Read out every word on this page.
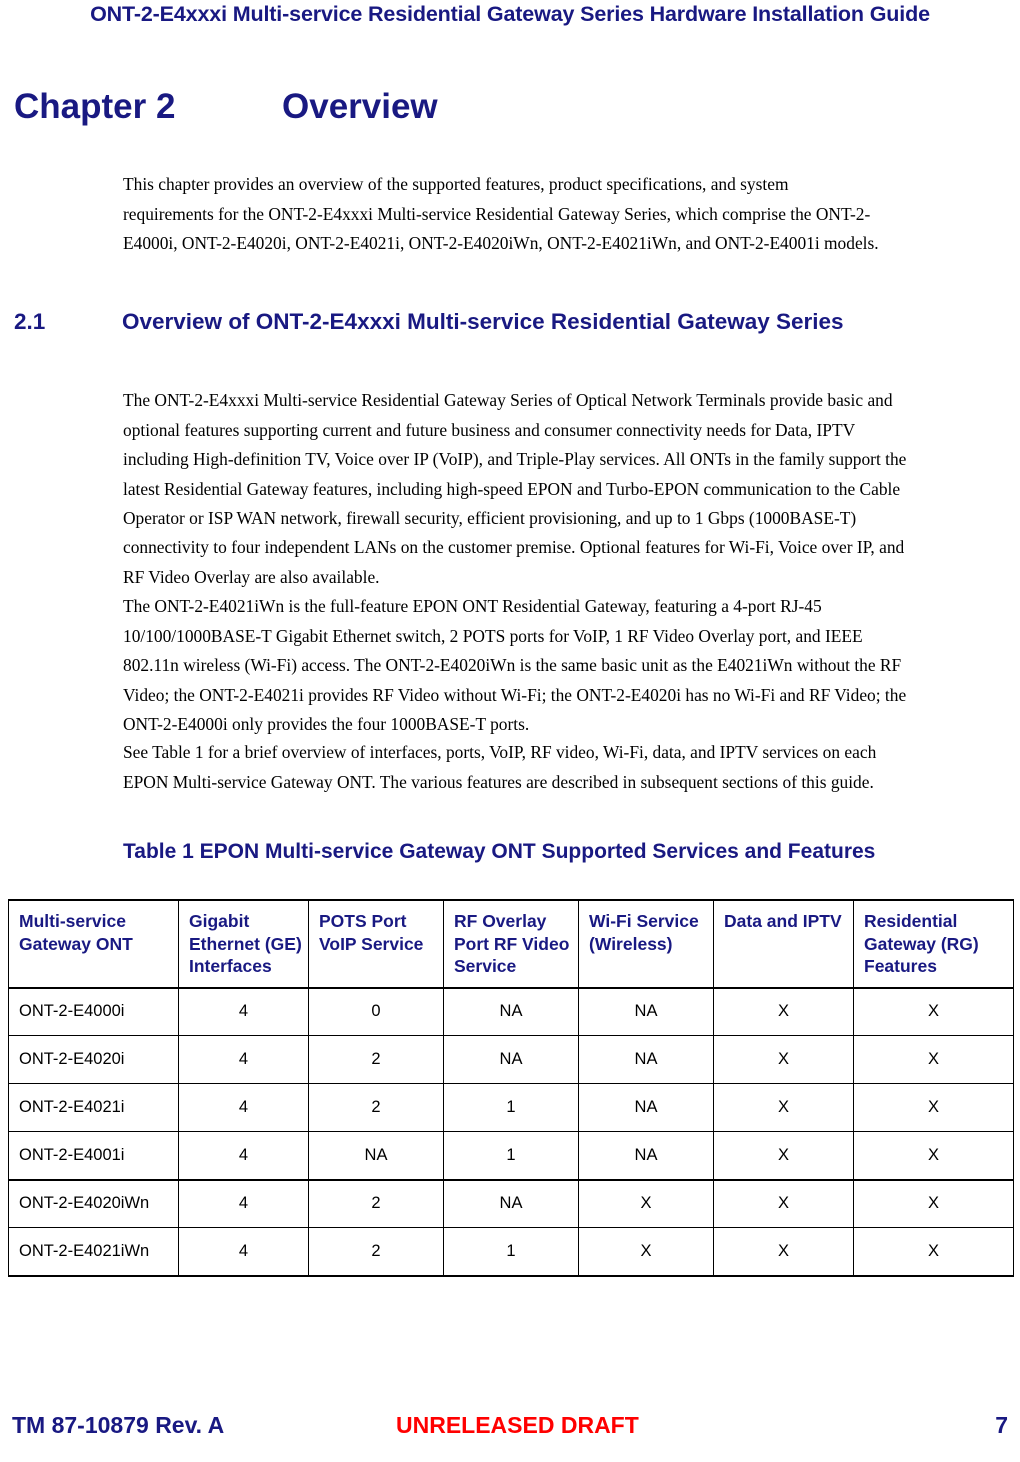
ONT-2-E4xxxi Multi-service Residential Gateway Series Hardware Installation Guide
Chapter 2	Overview

This chapter provides an overview of the supported features, product specifications, and system requirements for the ONT-2-E4xxxi Multi-service Residential Gateway Series, which comprise the ONT-2-E4000i, ONT-2-E4020i, ONT-2-E4021i, ONT-2-E4020iWn, ONT-2-E4021iWn, and ONT-2-E4001i models.

2.1	Overview of ONT-2-E4xxxi Multi-service Residential Gateway Series

The ONT-2-E4xxxi Multi-service Residential Gateway Series of Optical Network Terminals provide basic and optional features supporting current and future business and consumer connectivity needs for Data, IPTV including High-definition TV, Voice over IP (VoIP), and Triple-Play services. All ONTs in the family support the latest Residential Gateway features, including high-speed EPON and Turbo-EPON communication to the Cable Operator or ISP WAN network, firewall security, efficient provisioning, and up to 1 Gbps (1000BASE-T) connectivity to four independent LANs on the customer premise. Optional features for Wi-Fi, Voice over IP, and RF Video Overlay are also available.

The ONT-2-E4021iWn is the full-feature EPON ONT Residential Gateway, featuring a 4-port RJ-45 10/100/1000BASE-T Gigabit Ethernet switch, 2 POTS ports for VoIP, 1 RF Video Overlay port, and IEEE 802.11n wireless (Wi-Fi) access. The ONT-2-E4020iWn is the same basic unit as the E4021iWn without the RF Video; the ONT-2-E4021i provides RF Video without Wi-Fi; the ONT-2-E4020i has no Wi-Fi and RF Video; the ONT-2-E4000i only provides the four 1000BASE-T ports.

See Table 1 for a brief overview of interfaces, ports, VoIP, RF video, Wi-Fi, data, and IPTV services on each EPON Multi-service Gateway ONT. The various features are described in subsequent sections of this guide.

Table 1 EPON Multi-service Gateway ONT Supported Services and Features
Multi-service Gateway ONT	Gigabit Ethernet (GE) Interfaces	POTS Port VoIP Service	RF Overlay Port RF Video Service	Wi-Fi Service (Wireless)	Data and IPTV	Residential Gateway (RG) Features
ONT-2-E4000i	4	0	NA	NA	X	X
ONT-2-E4020i	4	2	NA	NA	X	X
ONT-2-E4021i	4	2	1	NA	X	X
ONT-2-E4001i	4	NA	1	NA	X	X
ONT-2-E4020iWn	4	2	NA	X	X	X
ONT-2-E4021iWn	4	2	1	X	X	X
TM 87-10879 Rev. A	UNRELEASED DRAFT	7
